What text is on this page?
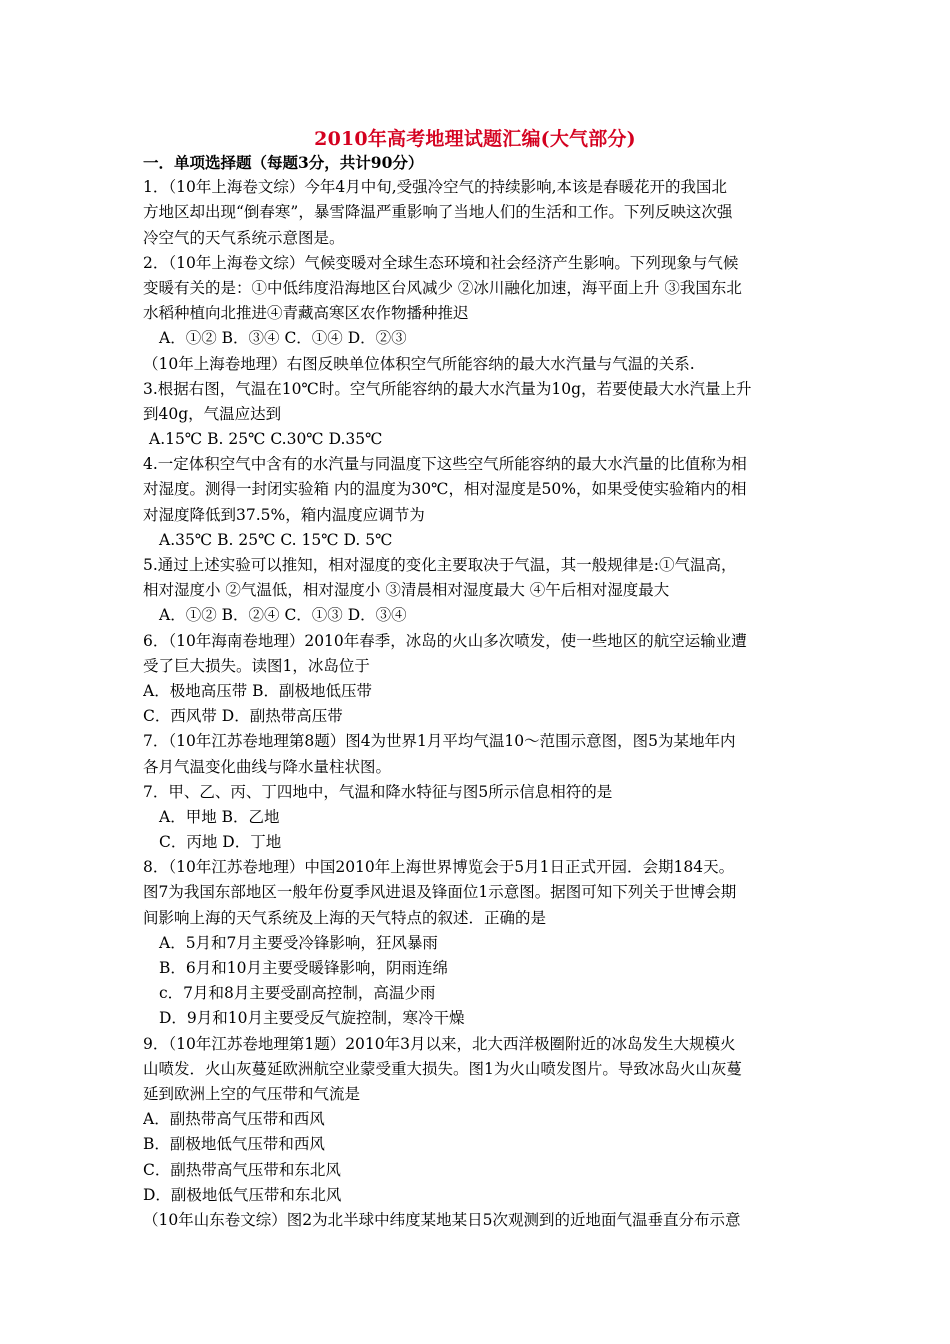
2010年高考地理试题汇编(大气部分)
一．单项选择题（每题3分，共计90分）
1．（10年上海卷文综）今年4月中旬,受强冷空气的持续影响,本该是春暖花开的我国北
方地区却出现“倒春寒”，暴雪降温严重影响了当地人们的生活和工作。下列反映这次强
冷空气的天气系统示意图是。
2．（10年上海卷文综）气候变暖对全球生态环境和社会经济产生影响。下列现象与气候
变暖有关的是：①中低纬度沿海地区台风减少 ②冰川融化加速，海平面上升 ③我国东北
水稻种植向北推进④青藏高寒区农作物播种推迟
A．①② B．③④ C．①④ D．②③
（10年上海卷地理）右图反映单位体积空气所能容纳的最大水汽量与气温的关系.
3.根据右图，气温在10℃时。空气所能容纳的最大水汽量为10g，若要使最大水汽量上升
到40g，气温应达到
A.15℃ B. 25℃ C.30℃ D.35℃
4.一定体积空气中含有的水汽量与同温度下这些空气所能容纳的最大水汽量的比值称为相
对湿度。测得一封闭实验箱 内的温度为30℃，相对湿度是50%，如果受使实验箱内的相
对湿度降低到37.5%，箱内温度应调节为
A.35℃ B. 25℃ C. 15℃ D. 5℃
5.通过上述实验可以推知，相对湿度的变化主要取决于气温，其一般规律是:①气温高，
相对湿度小 ②气温低，相对湿度小 ③清晨相对湿度最大 ④午后相对湿度最大
A．①② B．②④ C．①③ D．③④
6．（10年海南卷地理）2010年春季，冰岛的火山多次喷发，使一些地区的航空运输业遭
受了巨大损失。读图1，冰岛位于
A．极地高压带 B．副极地低压带
C．西风带 D．副热带高压带
7．（10年江苏卷地理第8题）图4为世界1月平均气温10～范围示意图，图5为某地年内
各月气温变化曲线与降水量柱状图。
7．甲、乙、丙、丁四地中，气温和降水特征与图5所示信息相符的是
A．甲地 B．乙地
C．丙地 D．丁地
8．（10年江苏卷地理）中国2010年上海世界博览会于5月1日正式开园．会期184天。
图7为我国东部地区一般年份夏季风进退及锋面位1示意图。据图可知下列关于世博会期
间影响上海的天气系统及上海的天气特点的叙述．正确的是
A．5月和7月主要受冷锋影响，狂风暴雨
B．6月和10月主要受暖锋影响，阴雨连绵
c．7月和8月主要受副高控制，高温少雨
D．9月和10月主要受反气旋控制，寒冷干燥
9．（10年江苏卷地理第1题）2010年3月以来，北大西洋极圈附近的冰岛发生大规模火
山喷发．火山灰蔓延欧洲航空业蒙受重大损失。图1为火山喷发图片。导致冰岛火山灰蔓
延到欧洲上空的气压带和气流是
A．副热带高气压带和西风
B．副极地低气压带和西风
C．副热带高气压带和东北风
D．副极地低气压带和东北风
（10年山东卷文综）图2为北半球中纬度某地某日5次观测到的近地面气温垂直分布示意
